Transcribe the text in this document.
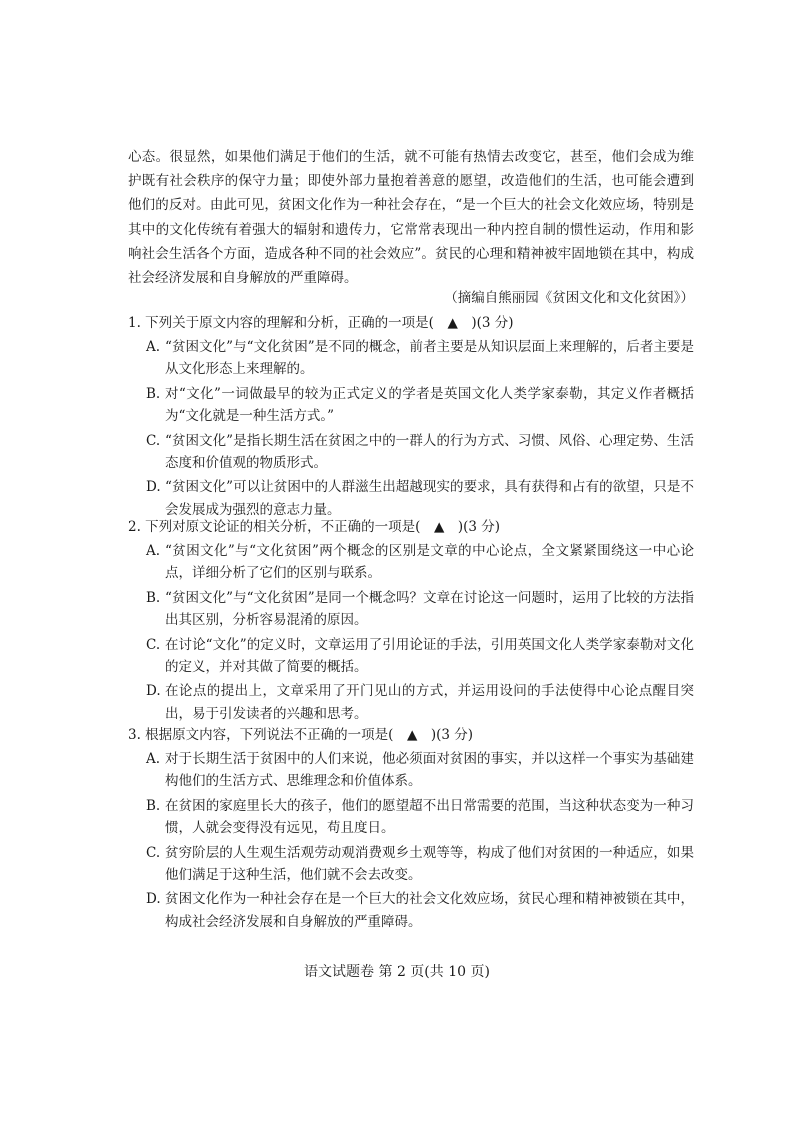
心态。很显然，如果他们满足于他们的生活，就不可能有热情去改变它，甚至，他们会成为维护既有社会秩序的保守力量；即使外部力量抱着善意的愿望，改造他们的生活，也可能会遭到他们的反对。由此可见，贫困文化作为一种社会存在，“是一个巨大的社会文化效应场，特别是其中的文化传统有着强大的辐射和遗传力，它常常表现出一种内控自制的惯性运动，作用和影响社会生活各个方面，造成各种不同的社会效应”。贫民的心理和精神被牢固地锁在其中，构成社会经济发展和自身解放的严重障碍。

（摘编自熊丽园《贫困文化和文化贫困》）

1. 下列关于原文内容的理解和分析，正确的一项是(　▲　)(3 分)

A. “贫困文化”与“文化贫困”是不同的概念，前者主要是从知识层面上来理解的，后者主要是从文化形态上来理解的。
B. 对“文化”一词做最早的较为正式定义的学者是英国文化人类学家泰勒，其定义作者概括为“文化就是一种生活方式。”
C. “贫困文化”是指长期生活在贫困之中的一群人的行为方式、习惯、风俗、心理定势、生活态度和价值观的物质形式。
D. “贫困文化”可以让贫困中的人群滋生出超越现实的要求，具有获得和占有的欲望，只是不会发展成为强烈的意志力量。

2. 下列对原文论证的相关分析，不正确的一项是(　▲　)(3 分)

A. “贫困文化”与“文化贫困”两个概念的区别是文章的中心论点，全文紧紧围绕这一中心论点，详细分析了它们的区别与联系。
B. “贫困文化”与“文化贫困”是同一个概念吗？文章在讨论这一问题时，运用了比较的方法指出其区别，分析容易混淆的原因。
C. 在讨论“文化”的定义时，文章运用了引用论证的手法，引用英国文化人类学家泰勒对文化的定义，并对其做了简要的概括。
D. 在论点的提出上，文章采用了开门见山的方式，并运用设问的手法使得中心论点醒目突出，易于引发读者的兴趣和思考。

3. 根据原文内容，下列说法不正确的一项是(　▲　)(3 分)

A. 对于长期生活于贫困中的人们来说，他必须面对贫困的事实，并以这样一个事实为基础建构他们的生活方式、思维理念和价值体系。
B. 在贫困的家庭里长大的孩子，他们的愿望超不出日常需要的范围，当这种状态变为一种习惯，人就会变得没有远见，苟且度日。
C. 贫穷阶层的人生观生活观劳动观消费观乡土观等等，构成了他们对贫困的一种适应，如果他们满足于这种生活，他们就不会去改变。
D. 贫困文化作为一种社会存在是一个巨大的社会文化效应场，贫民心理和精神被锁在其中，构成社会经济发展和自身解放的严重障碍。
语文试题卷 第 2 页(共 10 页)
